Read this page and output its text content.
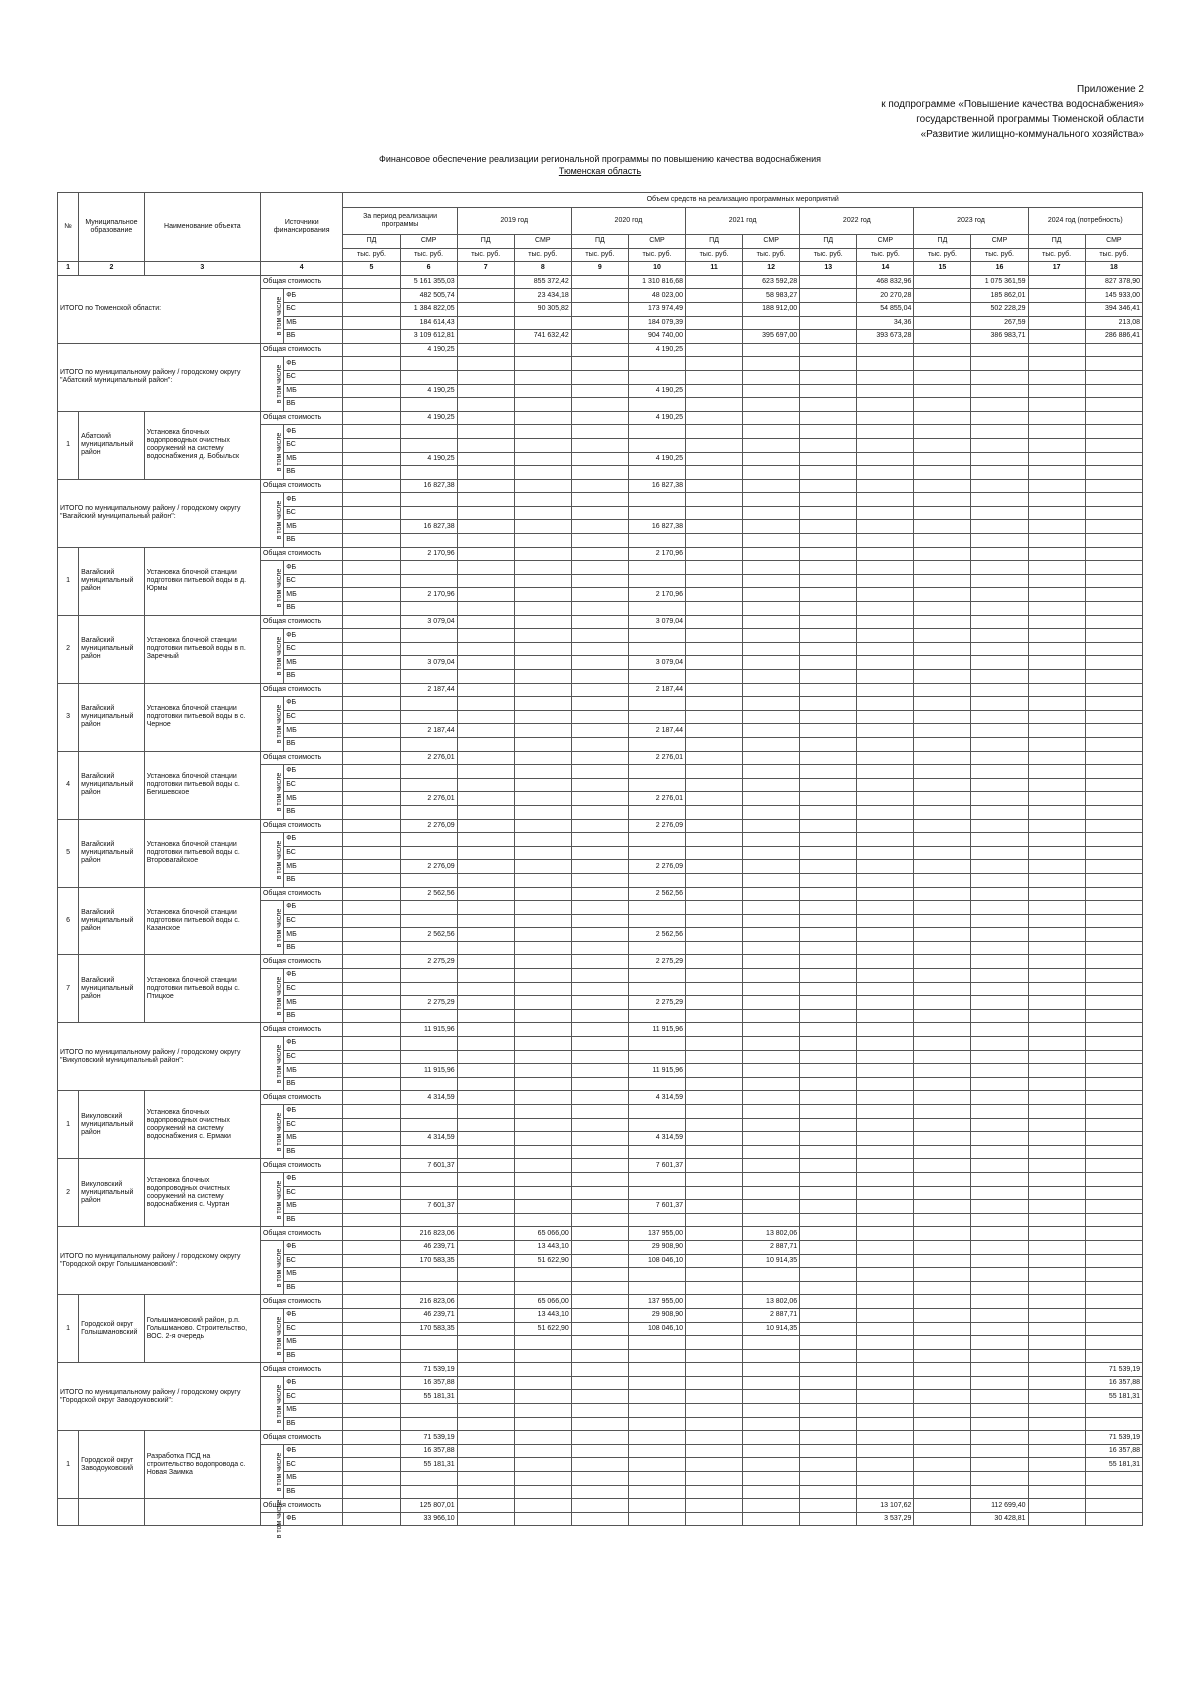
Приложение 2
к подпрограмме «Повышение качества водоснабжения»
государственной программы Тюменской области
«Развитие жилищно-коммунального хозяйства»
Финансовое обеспечение реализации региональной программы по повышению качества водоснабжения
Тюменская область
№	Муниципальное образование	Наименование объекта	Источники финансирования		Объем средств на реализацию программных мероприятий													
					За период реализации программы		2019 год		2020 год		2021 год		2022 год		2023 год		2024 год (потребность)	
					ПД	СМР	ПД	СМР	ПД	СМР	ПД	СМР	ПД	СМР	ПД	СМР	ПД	СМР
					тыс. руб.	тыс. руб.	тыс. руб.	тыс. руб.	тыс. руб.	тыс. руб.	тыс. руб.	тыс. руб.	тыс. руб.	тыс. руб.	тыс. руб.	тыс. руб.	тыс. руб.	тыс. руб.
1	2	3	4		5	6	7	8	9	10	11	12	13	14	15	16	17	18
ИТОГО по Тюменской области:			Общая стоимость			5 161 355,03		855 372,42		1 310 816,68		623 592,28		468 832,96		1 075 361,59		827 378,90
			в том числе	ФБ		482 505,74		23 434,18		48 023,00		58 983,27		20 270,28		185 862,01		145 933,00
				БС		1 384 822,05		90 305,82		173 974,49		188 912,00		54 855,04		502 228,29		394 346,41
				МБ		184 614,43				184 079,39				34,36		267,59		213,08
				ВБ		3 109 612,81		741 632,42		904 740,00		395 697,00		393 673,28		386 983,71		286 886,41
ИТОГО по муниципальному району / городскому округу "Абатский муниципальный район":			Общая стоимость			4 190,25				4 190,25								
			в том числе	ФБ														
				БС														
				МБ		4 190,25				4 190,25								
				ВБ														
1	Абатский муниципальный район	Установка блочных водопроводных очистных сооружений на систему водоснабжения д. Бобыльск	Общая стоимость			4 190,25				4 190,25								
			в том числе	ФБ														
				БС														
				МБ		4 190,25				4 190,25								
				ВБ														
ИТОГО по муниципальному району / городскому округу "Вагайский муниципальный район":			Общая стоимость			16 827,38				16 827,38								
			в том числе	ФБ														
				БС														
				МБ		16 827,38				16 827,38								
				ВБ														
1	Вагайский муниципальный район	Установка блочной станции подготовки питьевой воды в д. Юрмы	Общая стоимость			2 170,96				2 170,96								
			в том числе	ФБ														
				БС														
				МБ		2 170,96				2 170,96								
				ВБ														
2	Вагайский муниципальный район	Установка блочной станции подготовки питьевой воды в п. Заречный	Общая стоимость			3 079,04				3 079,04								
			в том числе	ФБ														
				БС														
				МБ		3 079,04				3 079,04								
				ВБ														
3	Вагайский муниципальный район	Установка блочной станции подготовки питьевой воды в с. Черное	Общая стоимость			2 187,44				2 187,44								
			в том числе	ФБ														
				БС														
				МБ		2 187,44				2 187,44								
				ВБ														
4	Вагайский муниципальный район	Установка блочной станции подготовки питьевой воды с. Бегишевское	Общая стоимость			2 276,01				2 276,01								
			в том числе	ФБ														
				БС														
				МБ		2 276,01				2 276,01								
				ВБ														
5	Вагайский муниципальный район	Установка блочной станции подготовки питьевой воды с. Второвагайское	Общая стоимость			2 276,09				2 276,09								
			в том числе	ФБ														
				БС														
				МБ		2 276,09				2 276,09								
				ВБ														
6	Вагайский муниципальный район	Установка блочной станции подготовки питьевой воды с. Казанское	Общая стоимость			2 562,56				2 562,56								
			в том числе	ФБ														
				БС														
				МБ		2 562,56				2 562,56								
				ВБ														
7	Вагайский муниципальный район	Установка блочной станции подготовки питьевой воды с. Птицкое	Общая стоимость			2 275,29				2 275,29								
			в том числе	ФБ														
				БС														
				МБ		2 275,29				2 275,29								
				ВБ														
ИТОГО по муниципальному району / городскому округу "Викуловский муниципальный район":			Общая стоимость			11 915,96				11 915,96								
			в том числе	ФБ														
				БС														
				МБ		11 915,96				11 915,96								
				ВБ														
1	Викуловский муниципальный район	Установка блочных водопроводных очистных сооружений на систему водоснабжения с. Ермаки	Общая стоимость			4 314,59				4 314,59								
			в том числе	ФБ														
				БС														
				МБ		4 314,59				4 314,59								
				ВБ														
2	Викуловский муниципальный район	Установка блочных водопроводных очистных сооружений на систему водоснабжения с. Чуртан	Общая стоимость			7 601,37				7 601,37								
			в том числе	ФБ														
				БС														
				МБ		7 601,37				7 601,37								
				ВБ														
ИТОГО по муниципальному району / городскому округу "Городской округ Голышмановский":			Общая стоимость			216 823,06		65 066,00		137 955,00		13 802,06						
			в том числе	ФБ		46 239,71		13 443,10		29 908,90		2 887,71						
				БС		170 583,35		51 622,90		108 046,10		10 914,35						
				МБ														
				ВБ														
1	Городской округ Голышмановский	Голышмановский район, р.п. Голышманово. Строительство, ВОС. 2-я очередь	Общая стоимость			216 823,06		65 066,00		137 955,00		13 802,06						
			в том числе	ФБ		46 239,71		13 443,10		29 908,90		2 887,71						
				БС		170 583,35		51 622,90		108 046,10		10 914,35						
				МБ														
				ВБ														
ИТОГО по муниципальному району / городскому округу "Городской округ Заводоуковский":			Общая стоимость			71 539,19												71 539,19
			в том числе	ФБ		16 357,88												16 357,88
				БС		55 181,31												55 181,31
				МБ														
				ВБ														
1	Городской округ Заводоуковский	Разработка ПСД на строительство водопровода с. Новая Заимка	Общая стоимость			71 539,19												71 539,19
			в том числе	ФБ		16 357,88												16 357,88
				БС		55 181,31												55 181,31
				МБ														
				ВБ														
			Общая стоимость			125 807,01								13 107,62		112 699,40		
			в том числе	ФБ		33 966,10								3 537,29		30 428,81		
